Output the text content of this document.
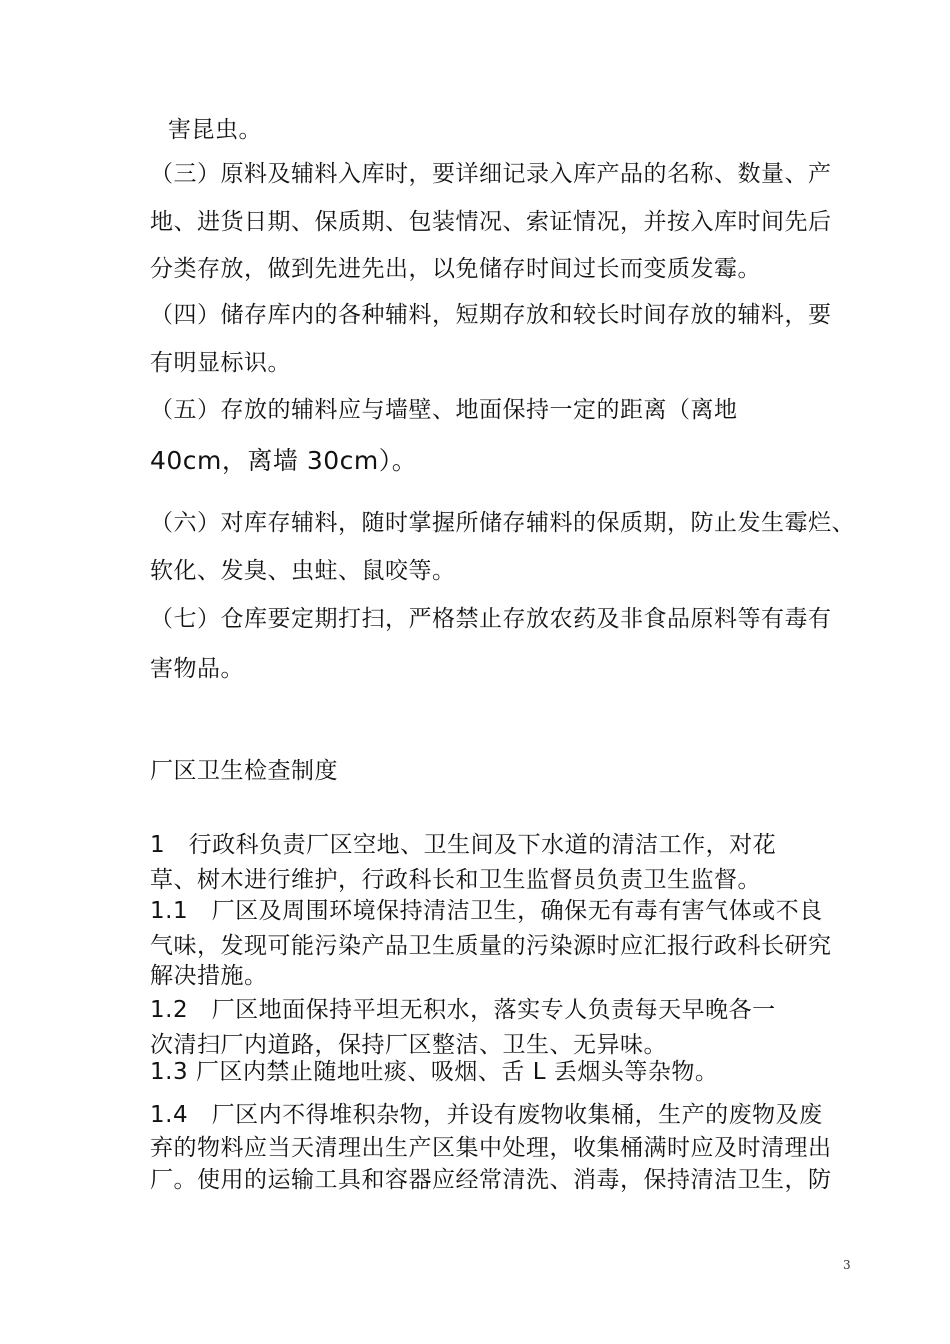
害昆虫。
（三）原料及辅料入库时，要详细记录入库产品的名称、数量、产
地、进货日期、保质期、包装情况、索证情况，并按入库时间先后
分类存放，做到先进先出，以免储存时间过长而变质发霉。
（四）储存库内的各种辅料，短期存放和较长时间存放的辅料，要
有明显标识。
（五）存放的辅料应与墙壁、地面保持一定的距离（离地
40cm，离墙 30cm）。
（六）对库存辅料，随时掌握所储存辅料的保质期，防止发生霉烂、
软化、发臭、虫蛀、鼠咬等。
（七）仓库要定期打扫，严格禁止存放农药及非食品原料等有毒有
害物品。
厂区卫生检查制度
1　行政科负责厂区空地、卫生间及下水道的清洁工作，对花
草、树木进行维护，行政科长和卫生监督员负责卫生监督。
1.1　厂区及周围环境保持清洁卫生，确保无有毒有害气体或不良
气味，发现可能污染产品卫生质量的污染源时应汇报行政科长研究
解决措施。
1.2　厂区地面保持平坦无积水，落实专人负责每天早晚各一
次清扫厂内道路，保持厂区整洁、卫生、无异味。
1.3 厂区内禁止随地吐痰、吸烟、舌 L 丢烟头等杂物。
1.4　厂区内不得堆积杂物，并设有废物收集桶，生产的废物及废
弃的物料应当天清理出生产区集中处理，收集桶满时应及时清理出
厂。使用的运输工具和容器应经常清洗、消毒，保持清洁卫生，防
3
